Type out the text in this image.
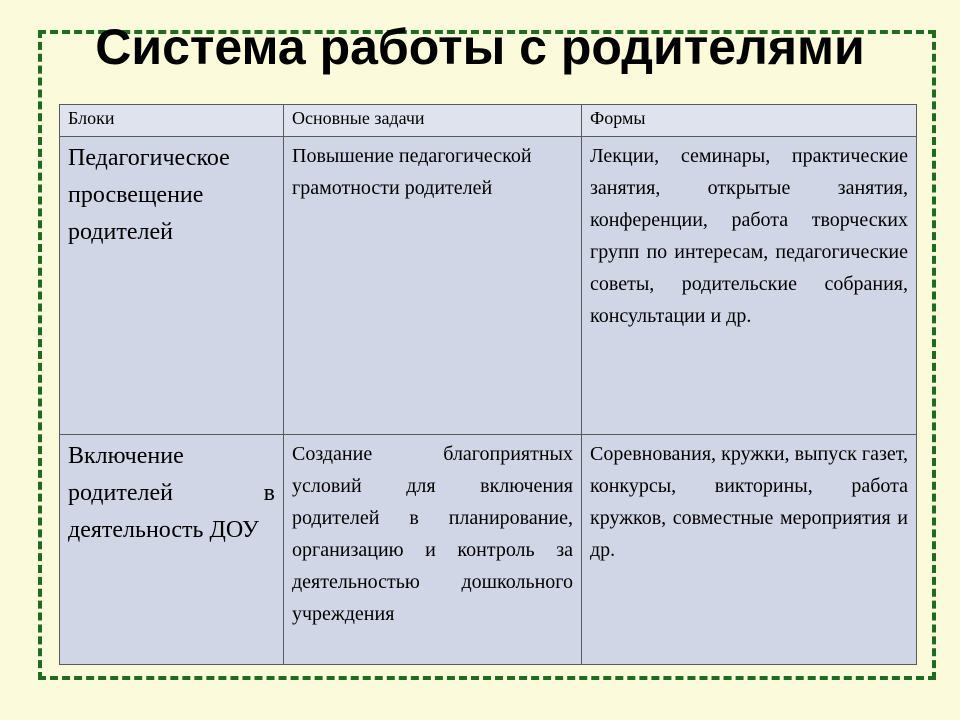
Система работы с родителями
Блоки	Основные задачи	Формы
Педагогическое просвещение родителей	Повышение педагогической грамотности родителей	Лекции, семинары, практические занятия, открытые занятия, конференции, работа творческих групп по интересам, педагогические советы, родительские собрания, консультации и др.
Включение родителей в деятельность ДОУ	Создание благоприятных условий для включения родителей в планирование, организацию и контроль за деятельностью дошкольного учреждения	Соревнования, кружки, выпуск газет, конкурсы, викторины, работа кружков, совместные мероприятия и др.
